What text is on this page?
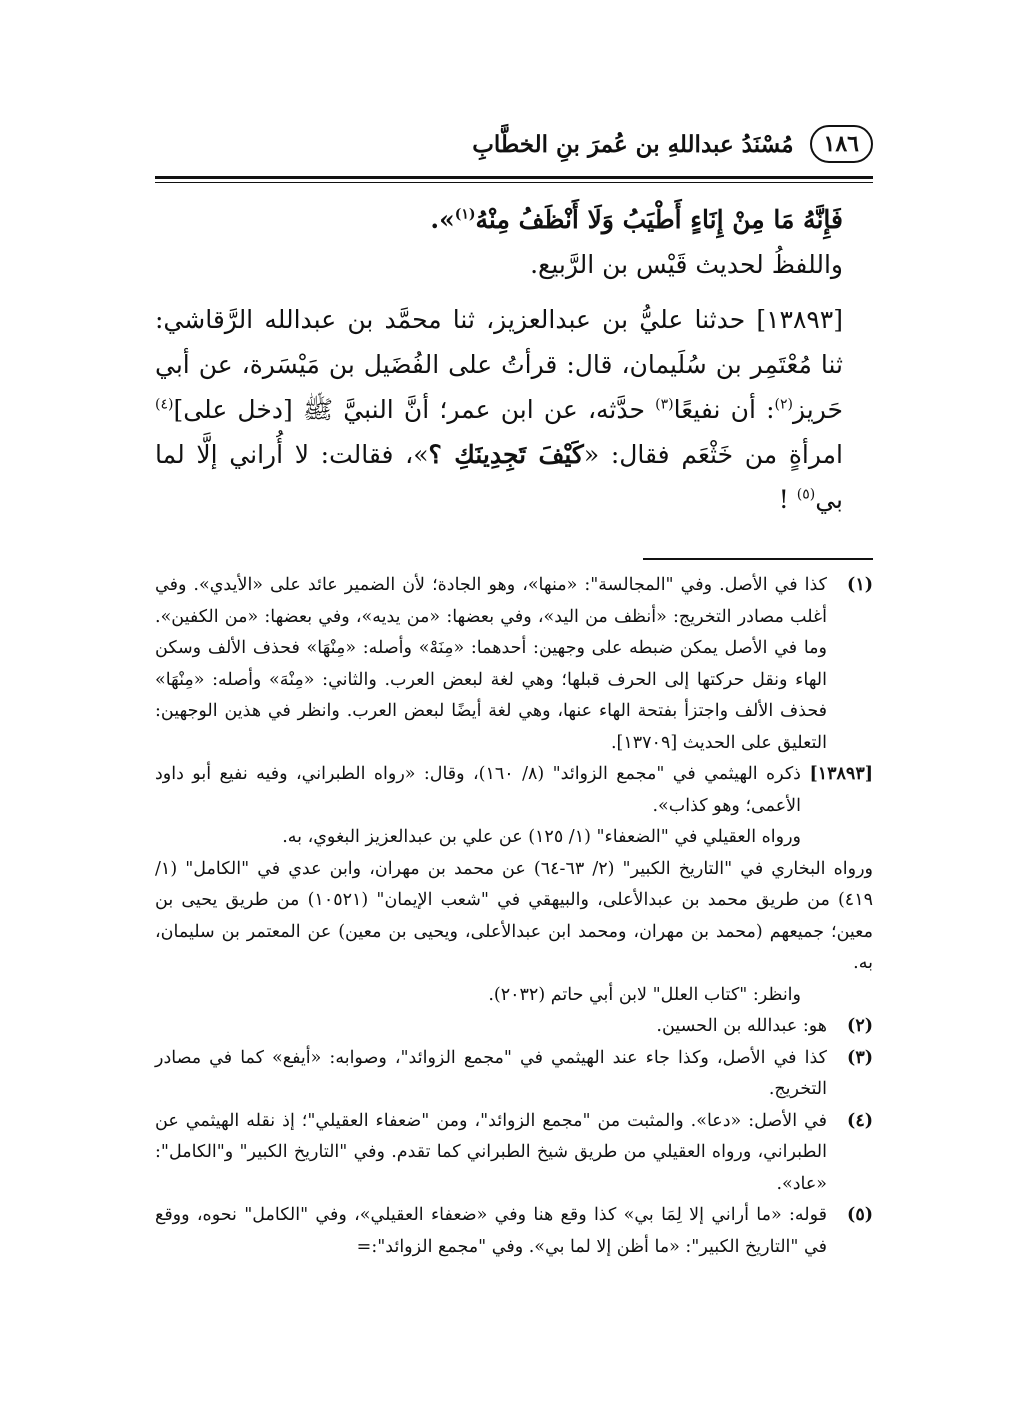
١٨٦
مُسْنَدُ عبداللهِ بن عُمرَ بنِ الخطَّابِ

فَإِنَّهُ مَا مِنْ إِنَاءٍ أَطْيَبُ وَلَا أَنْظَفُ مِنْهُ$^{(١)}$».

واللفظُ لحديث قَيْس بن الرَّبيع.

[١٣٨٩٣] حدثنا عليُّ بن عبدالعزيز، ثنا محمَّد بن عبدالله الرَّقاشي: ثنا مُعْتَمِر بن سُلَيمان، قال: قرأتُ على الفُضَيل بن مَيْسَرة، عن أبي حَريز$^{(٢)}$: أن نفيعًا$^{(٣)}$ حدَّثه، عن ابن عمر؛ أنَّ النبيَّ ﷺ [دخل على]$^{(٤)}$ امرأةٍ من خَثْعَم فقال: «كَيْفَ تَجِدِينَكِ ؟»، فقالت: لا أُراني إلَّا لما بي$^{(٥)}$ !

(١)
كذا في الأصل. وفي "المجالسة": «منها»، وهو الجادة؛ لأن الضمير عائد على «الأيدي». وفي أغلب مصادر التخريج: «أنظف من اليد»، وفي بعضها: «من يديه»، وفي بعضها: «من الكفين». وما في الأصل يمكن ضبطه على وجهين: أحدهما: «مِنَهْ» وأصله: «مِنْهَا» فحذف الألف وسكن الهاء ونقل حركتها إلى الحرف قبلها؛ وهي لغة لبعض العرب. والثاني: «مِنْهَ» وأصله: «مِنْهَا» فحذف الألف واجتزأ بفتحة الهاء عنها، وهي لغة أيضًا لبعض العرب. وانظر في هذين الوجهين: التعليق على الحديث [١٣٧٠٩].
[١٣٨٩٣]
ذكره الهيثمي في "مجمع الزوائد" (٨/ ١٦٠)، وقال: «رواه الطبراني، وفيه نفيع أبو داود الأعمى؛ وهو كذاب».
ورواه العقيلي في "الضعفاء" (١/ ١٢٥) عن علي بن عبدالعزيز البغوي، به.
ورواه البخاري في "التاريخ الكبير" (٢/ ٦٣-٦٤) عن محمد بن مهران، وابن عدي في "الكامل" (١/ ٤١٩) من طريق محمد بن عبدالأعلى، والبيهقي في "شعب الإيمان" (١٠٥٢١) من طريق يحيى بن معين؛ جميعهم (محمد بن مهران، ومحمد ابن عبدالأعلى، ويحيى بن معين) عن المعتمر بن سليمان، به.
وانظر: "كتاب العلل" لابن أبي حاتم (٢٠٣٢).
(٢)
هو: عبدالله بن الحسين.
(٣)
كذا في الأصل، وكذا جاء عند الهيثمي في "مجمع الزوائد"، وصوابه: «أيفع» كما في مصادر التخريج.
(٤)
في الأصل: «دعا». والمثبت من "مجمع الزوائد"، ومن "ضعفاء العقيلي"؛ إذ نقله الهيثمي عن الطبراني، ورواه العقيلي من طريق شيخ الطبراني كما تقدم. وفي "التاريخ الكبير" و"الكامل": «عاد».
(٥)
قوله: «ما أراني إلا لِمَا بي» كذا وقع هنا وفي «ضعفاء العقيلي»، وفي "الكامل" نحوه، ووقع في "التاريخ الكبير": «ما أظن إلا لما بي». وفي "مجمع الزوائد":=
